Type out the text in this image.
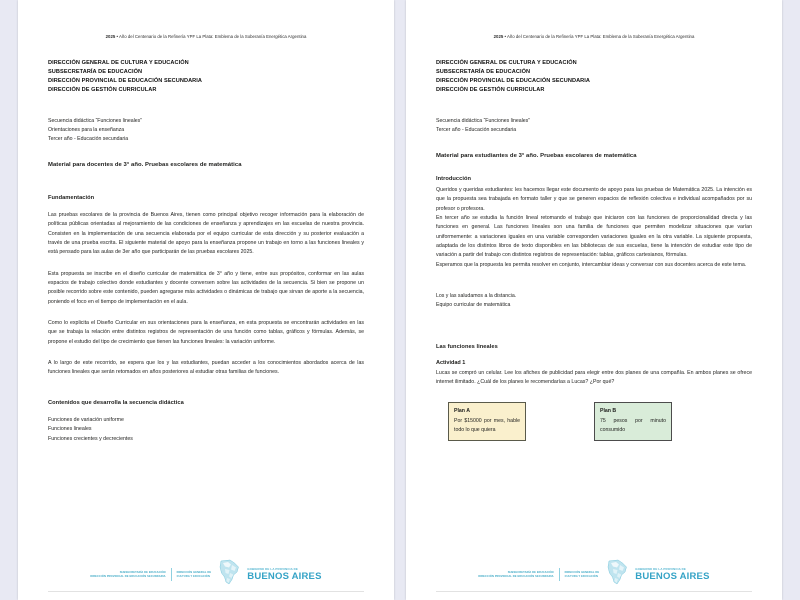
2025 • Año del Centenario de la Refinería YPF La Plata: Emblema de la Soberanía Energética Argentina
DIRECCIÓN GENERAL DE CULTURA Y EDUCACIÓN
SUBSECRETARÍA DE EDUCACIÓN
DIRECCIÓN PROVINCIAL DE EDUCACIÓN SECUNDARIA
DIRECCIÓN DE GESTIÓN CURRICULAR
Secuencia didáctica “Funciones lineales”
Orientaciones para la enseñanza
Tercer año - Educación secundaria
Material para docentes de 3° año. Pruebas escolares de matemática
Fundamentación

Las pruebas escolares de la provincia de Buenos Aires, tienen como principal objetivo recoger información para la elaboración de políticas públicas orientadas al mejoramiento de las condiciones de enseñanza y aprendizajes en las escuelas de nuestra provincia. Consisten en la implementación de una secuencia elaborada por el equipo curricular de esta dirección y su posterior evaluación a través de una prueba escrita. El siguiente material de apoyo para la enseñanza propone un trabajo en torno a las funciones lineales y está pensado para las aulas de 3er año que participarán de las pruebas escolares 2025.

Esta propuesta se inscribe en el diseño curricular de matemática de 3° año y tiene, entre sus propósitos, conformar en las aulas espacios de trabajo colectivo donde estudiantes y docente conversen sobre las actividades de la secuencia. Si bien se propone un posible recorrido sobre este contenido, pueden agregarse más actividades o dinámicas de trabajo que sirvan de aporte a la secuencia, poniendo el foco en el tiempo de implementación en el aula.

Como lo explicita el Diseño Curricular en sus orientaciones para la enseñanza, en esta propuesta se encontrarán actividades en las que se trabaja la relación entre distintos registros de representación de una función como tablas, gráficos y fórmulas. Además, se propone el estudio del tipo de crecimiento que tienen las funciones lineales: la variación uniforme.

A lo largo de este recorrido, se espera que los y las estudiantes, puedan acceder a los conocimientos abordados acerca de las funciones lineales que serán retomados en años posteriores al estudiar otras familias de funciones.

Contenidos que desarrolla la secuencia didáctica
Funciones de variación uniforme
Funciones lineales
Funciones crecientes y decrecientes
SUBSECRETARÍA DE EDUCACIÓN
DIRECCIÓN PROVINCIAL DE EDUCACIÓN SECUNDARIA
DIRECCIÓN GENERAL DE
CULTURA Y EDUCACIÓN
GOBIERNO DE LA PROVINCIA DE
BUENOS AIRES
2025 • Año del Centenario de la Refinería YPF La Plata: Emblema de la Soberanía Energética Argentina
DIRECCIÓN GENERAL DE CULTURA Y EDUCACIÓN
SUBSECRETARÍA DE EDUCACIÓN
DIRECCIÓN PROVINCIAL DE EDUCACIÓN SECUNDARIA
DIRECCIÓN DE GESTIÓN CURRICULAR
Secuencia didáctica “Funciones lineales”
Tercer año - Educación secundaria
Material para estudiantes de 3° año. Pruebas escolares de matemática
Introducción

Queridos y queridas estudiantes: les hacemos llegar este documento de apoyo para las pruebas de Matemática 2025. La intención es que la propuesta sea trabajada en formato taller y que se generen espacios de reflexión colectiva e individual acompañados por su profesor o profesora.

En tercer año se estudia la función lineal retomando el trabajo que iniciaron con las funciones de proporcionalidad directa y las funciones en general. Las funciones lineales son una familia de funciones que permiten modelizar situaciones que varían uniformemente: a variaciones iguales en una variable corresponden variaciones iguales en la otra variable. La siguiente propuesta, adaptada de los distintos libros de texto disponibles en las bibliotecas de sus escuelas, tiene la intención de estudiar este tipo de variación a partir del trabajo con distintos registros de representación: tablas, gráficos cartesianos, fórmulas.

Esperamos que la propuesta les permita resolver en conjunto, intercambiar ideas y conversar con sus docentes acerca de este tema.

Los y las saludamos a la distancia.
Equipo curricular de matemática
Las funciones lineales
Actividad 1

Lucas se compró un celular. Lee los afiches de publicidad para elegir entre dos planes de una compañía. En ambos planes se ofrece internet ilimitado. ¿Cuál de los planes le recomendarías a Lucas? ¿Por qué?

Plan A
Por $15000 por mes, hable todo lo que quiera
Plan B
75 pesos por minuto consumido
SUBSECRETARÍA DE EDUCACIÓN
DIRECCIÓN PROVINCIAL DE EDUCACIÓN SECUNDARIA
DIRECCIÓN GENERAL DE
CULTURA Y EDUCACIÓN
GOBIERNO DE LA PROVINCIA DE
BUENOS AIRES
